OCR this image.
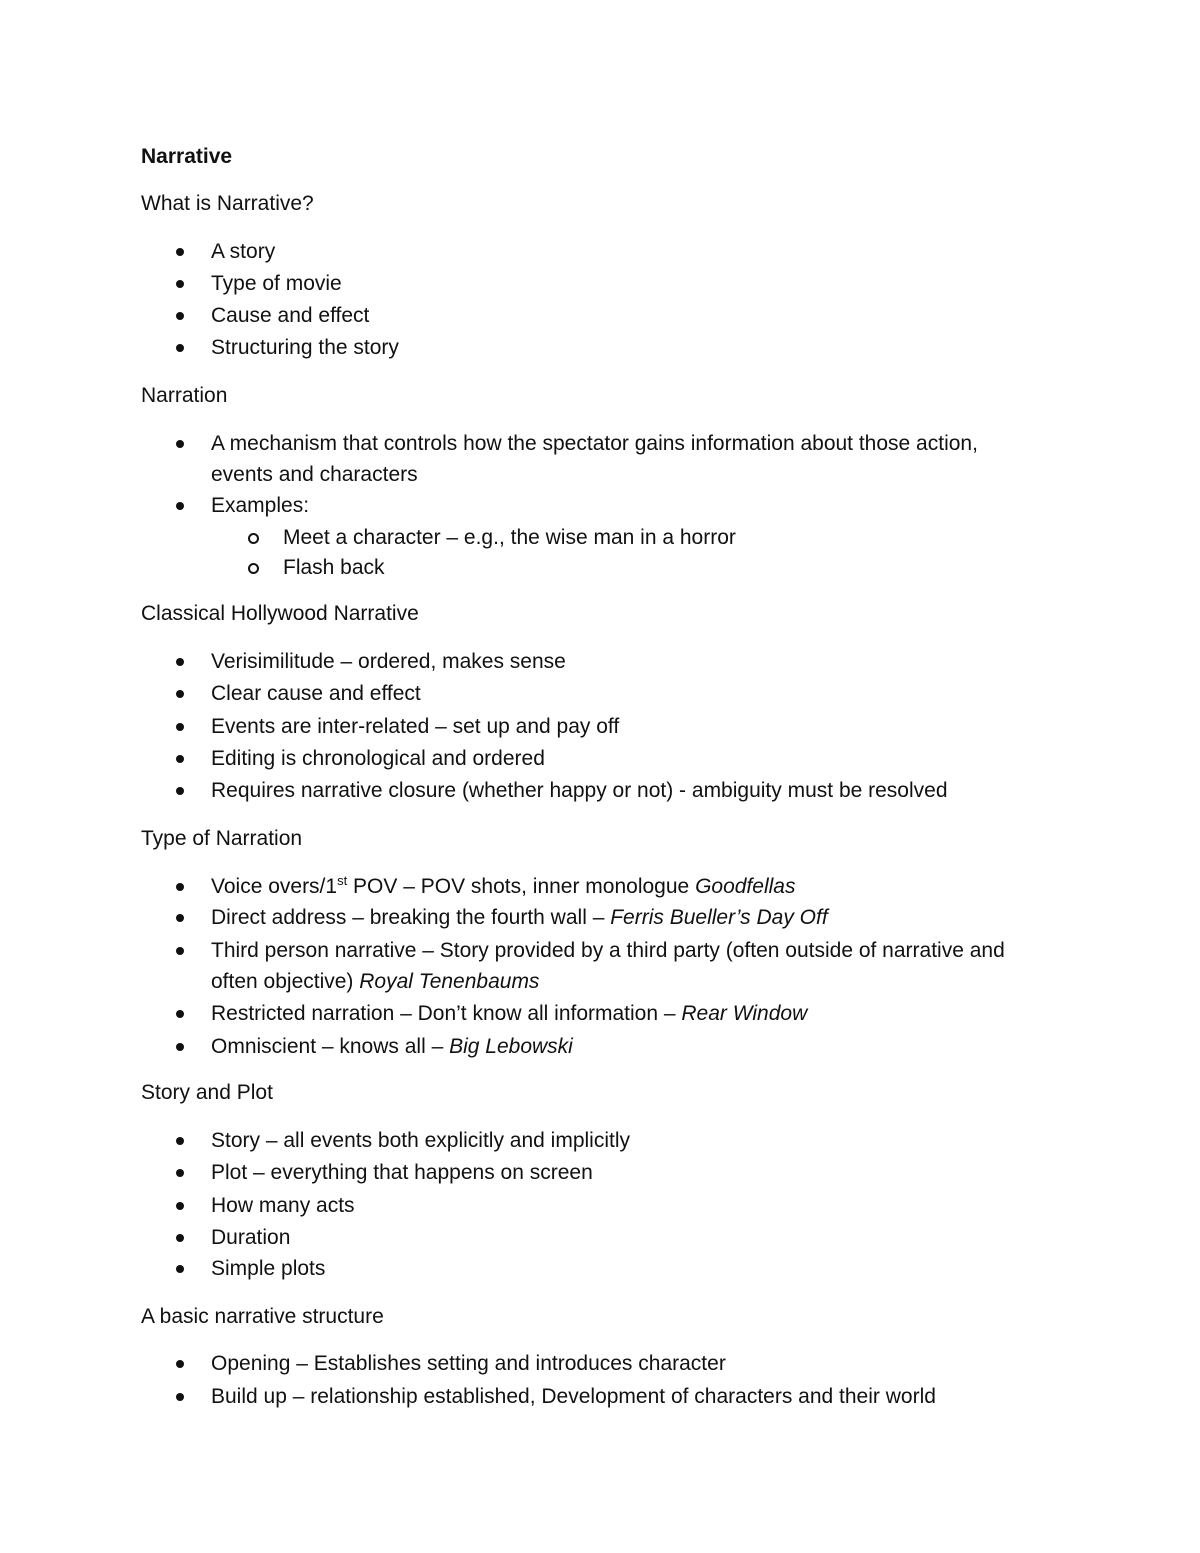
Narrative
What is Narrative?
A story
Type of movie
Cause and effect
Structuring the story
Narration
A mechanism that controls how the spectator gains information about those action,
events and characters
Examples:
Meet a character – e.g., the wise man in a horror
Flash back
Classical Hollywood Narrative
Verisimilitude – ordered, makes sense
Clear cause and effect
Events are inter-related – set up and pay off
Editing is chronological and ordered
Requires narrative closure (whether happy or not) - ambiguity must be resolved
Type of Narration
Voice overs/1st POV – POV shots, inner monologue Goodfellas
Direct address – breaking the fourth wall – Ferris Bueller’s Day Off
Third person narrative – Story provided by a third party (often outside of narrative and
often objective) Royal Tenenbaums
Restricted narration – Don’t know all information – Rear Window
Omniscient – knows all – Big Lebowski
Story and Plot
Story – all events both explicitly and implicitly
Plot – everything that happens on screen
How many acts
Duration
Simple plots
A basic narrative structure
Opening – Establishes setting and introduces character
Build up – relationship established, Development of characters and their world
